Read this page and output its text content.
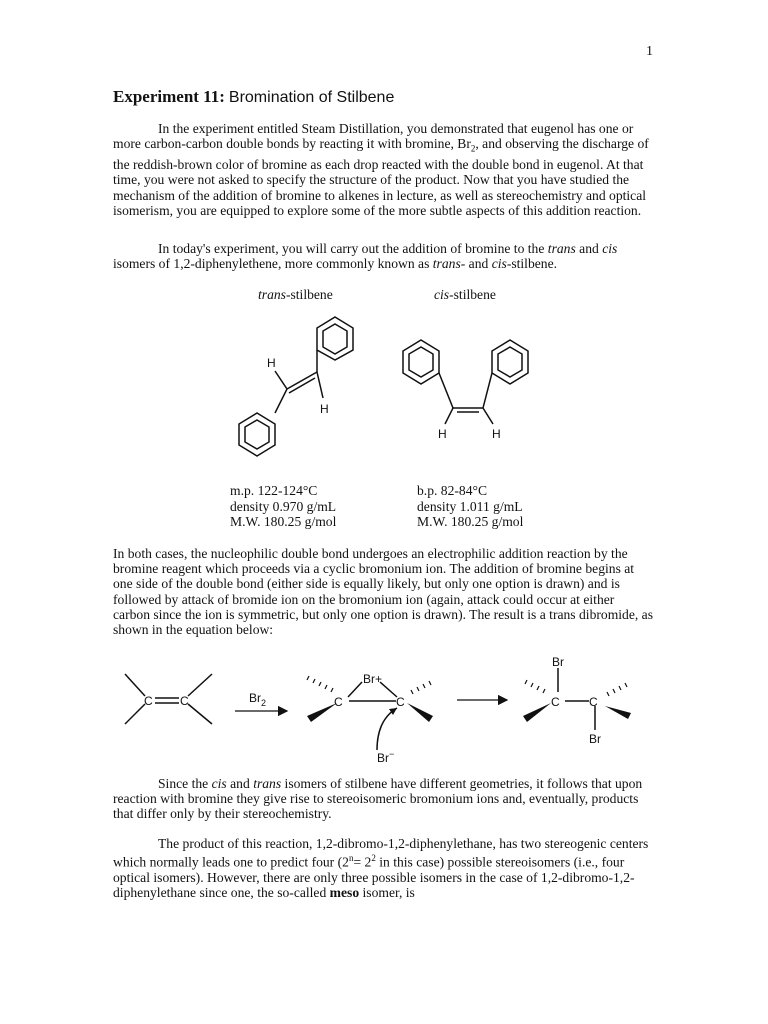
1
Experiment 11: Bromination of Stilbene

In the experiment entitled Steam Distillation, you demonstrated that eugenol has one or more carbon-carbon double bonds by reacting it with bromine, $Br_2$, and observing the discharge of the reddish-brown color of bromine as each drop reacted with the double bond in eugenol. At that time, you were not asked to specify the structure of the product. Now that you have studied the mechanism of the addition of bromine to alkenes in lecture, as well as stereochemistry and optical isomerism, you are equipped to explore some of the more subtle aspects of this addition reaction.

In today's experiment, you will carry out the addition of bromine to the trans and cis isomers of 1,2-diphenylethene, more commonly known as trans- and cis-stilbene.

trans-stilbene	cis-stilbene
H
H
H	H
m.p. 122-124°C
density 0.970 g/mL
M.W. 180.25 g/mol
b.p. 82-84°C
density 1.011 g/mL
M.W. 180.25 g/mol

In both cases, the nucleophilic double bond undergoes an electrophilic addition reaction by the bromine reagent which proceeds via a cyclic bromonium ion. The addition of bromine begins at one side of the double bond (either side is equally likely, but only one option is drawn) and is followed by attack of bromide ion on the bromonium ion (again, attack could occur at either carbon since the ion is symmetric, but only one option is drawn). The result is a trans dibromide, as shown in the equation below:

C C	$Br_2$	C	C
Br+
Br−
Br
C C
Br

Since the cis and trans isomers of stilbene have different geometries, it follows that upon reaction with bromine they give rise to stereoisomeric bromonium ions and, eventually, products that differ only by their stereochemistry.

The product of this reaction, 1,2-dibromo-1,2-diphenylethane, has two stereogenic centers which normally leads one to predict four ($2^n= 2^2$ in this case) possible stereoisomers (i.e., four optical isomers). However, there are only three possible isomers in the case of 1,2-dibromo-1,2-diphenylethane since one, the so-called meso isomer, is
